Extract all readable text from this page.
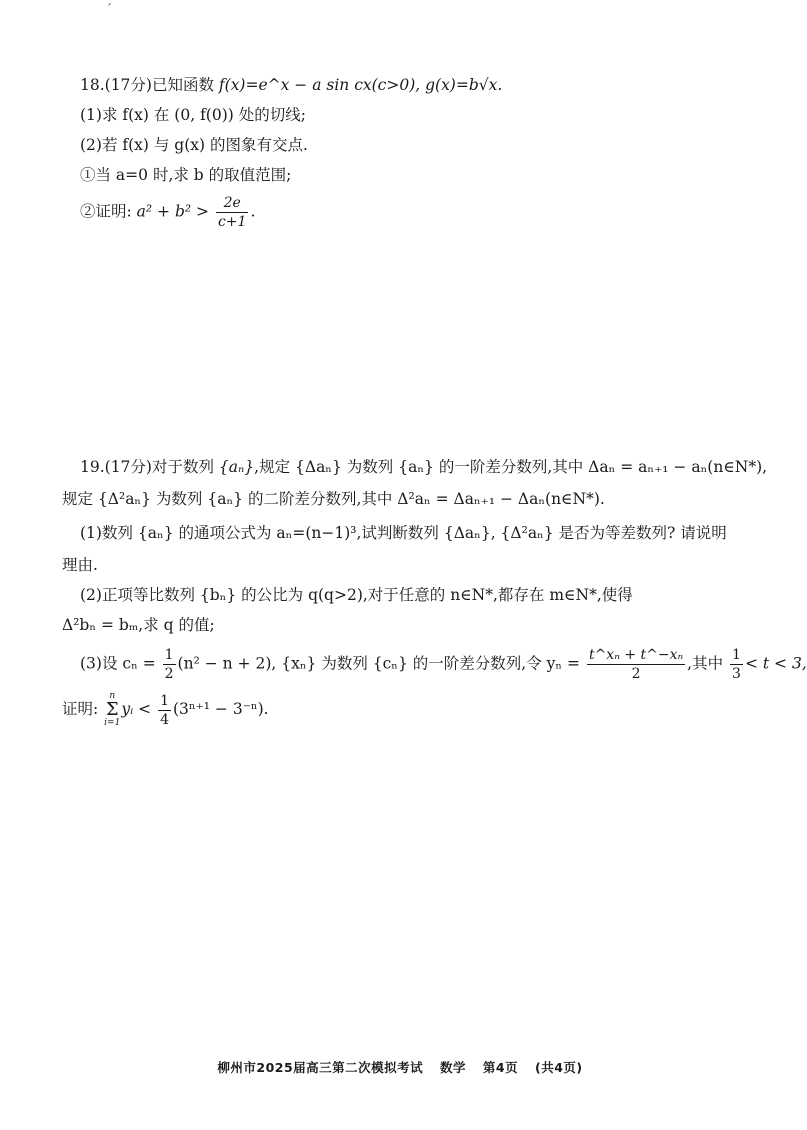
ˊ
18.(17分)已知函数 f(x)=e^x − a sin cx(c>0), g(x)=b√x.
(1)求 f(x) 在 (0, f(0)) 处的切线;
(2)若 f(x) 与 g(x) 的图象有交点.
①当 a=0 时,求 b 的取值范围;
②证明: $a^2 + b^2 > \frac{2e}{c+1}$ .
19.(17分)对于数列 {aₙ},规定 {Δaₙ} 为数列 {aₙ} 的一阶差分数列,其中 Δaₙ = aₙ₊₁ − aₙ(n∈N*),
规定 {Δ²aₙ} 为数列 {aₙ} 的二阶差分数列,其中 Δ²aₙ = Δaₙ₊₁ − Δaₙ(n∈N*).
(1)数列 {aₙ} 的通项公式为 aₙ=(n−1)³,试判断数列 {Δaₙ}, {Δ²aₙ} 是否为等差数列? 请说明
理由.
(2)正项等比数列 {bₙ} 的公比为 q(q>2),对于任意的 n∈N*,都存在 m∈N*,使得
Δ²bₙ = bₘ,求 q 的值;
(3)设 $c_n = \frac{1}{2} (n^2 - n + 2)$, {xₙ} 为数列 {cₙ} 的一阶差分数列,令 $y_n = \frac{\text{t\textasciicircum{}xₙ + t\textasciicircum{}−xₙ}}{2}$ ,其中 $\frac{1}{3} < t < 3$,
证明:
n
Σ
i=1
yᵢ < $\frac{1}{4} (3^{n+1} - 3^{-n})$.
柳州市2025届高三第二次模拟考试 数学 第4页 (共4页)
